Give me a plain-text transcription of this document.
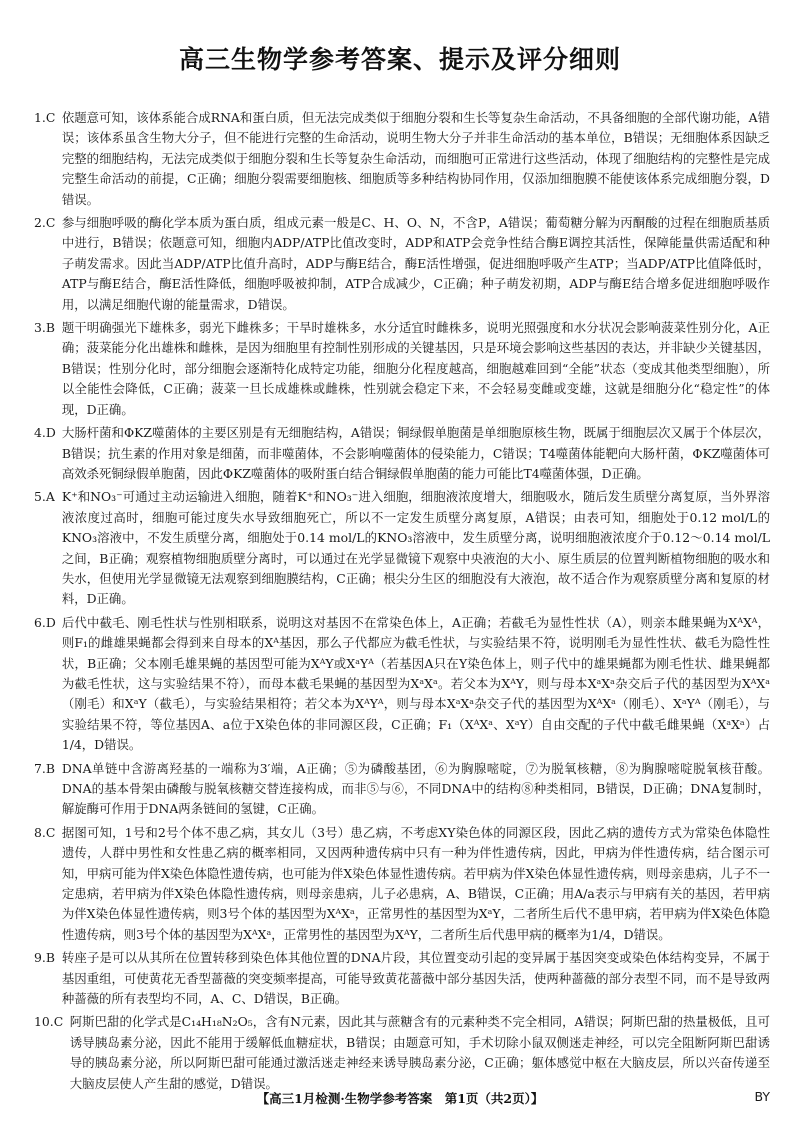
高三生物学参考答案、提示及评分细则
1. C 依题意可知，该体系能合成RNA和蛋白质，但无法完成类似于细胞分裂和生长等复杂生命活动，不具备细胞的全部代谢功能，A错误；该体系虽含生物大分子，但不能进行完整的生命活动，说明生物大分子并非生命活动的基本单位，B错误；无细胞体系因缺乏完整的细胞结构，无法完成类似于细胞分裂和生长等复杂生命活动，而细胞可正常进行这些活动，体现了细胞结构的完整性是完成完整生命活动的前提，C正确；细胞分裂需要细胞核、细胞质等多种结构协同作用，仅添加细胞膜不能使该体系完成细胞分裂，D错误。
2. C 参与细胞呼吸的酶化学本质为蛋白质，组成元素一般是C、H、O、N，不含P，A错误；葡萄糖分解为丙酮酸的过程在细胞质基质中进行，B错误；依题意可知，细胞内ADP/ATP比值改变时，ADP和ATP会竞争性结合酶E调控其活性，保障能量供需适配和种子萌发需求。因此当ADP/ATP比值升高时，ADP与酶E结合，酶E活性增强，促进细胞呼吸产生ATP；当ADP/ATP比值降低时，ATP与酶E结合，酶E活性降低，细胞呼吸被抑制，ATP合成减少，C正确；种子萌发初期，ADP与酶E结合增多促进细胞呼吸作用，以满足细胞代谢的能量需求，D错误。
3. B 题干明确强光下雄株多，弱光下雌株多；干旱时雄株多，水分适宜时雌株多，说明光照强度和水分状况会影响菠菜性别分化，A正确；菠菜能分化出雄株和雌株，是因为细胞里有控制性别形成的关键基因，只是环境会影响这些基因的表达，并非缺少关键基因，B错误；性别分化时，部分细胞会逐渐特化成特定功能，细胞分化程度越高，细胞越难回到“全能”状态（变成其他类型细胞），所以全能性会降低，C正确；菠菜一旦长成雄株或雌株，性别就会稳定下来，不会轻易变雌或变雄，这就是细胞分化“稳定性”的体现，D正确。
4. D 大肠杆菌和ΦKZ噬菌体的主要区别是有无细胞结构，A错误；铜绿假单胞菌是单细胞原核生物，既属于细胞层次又属于个体层次，B错误；抗生素的作用对象是细菌，而非噬菌体，不会影响噬菌体的侵染能力，C错误；T4噬菌体能靶向大肠杆菌，ΦKZ噬菌体可高效杀死铜绿假单胞菌，因此ΦKZ噬菌体的吸附蛋白结合铜绿假单胞菌的能力可能比T4噬菌体强，D正确。
5. A K⁺和NO₃⁻可通过主动运输进入细胞，随着K⁺和NO₃⁻进入细胞，细胞液浓度增大，细胞吸水，随后发生质壁分离复原，当外界溶液浓度过高时，细胞可能过度失水导致细胞死亡，所以不一定发生质壁分离复原，A错误；由表可知，细胞处于0.12 mol/L的KNO₃溶液中，不发生质壁分离，细胞处于0.14 mol/L的KNO₃溶液中，发生质壁分离，说明细胞液浓度介于0.12～0.14 mol/L之间，B正确；观察植物细胞质壁分离时，可以通过在光学显微镜下观察中央液泡的大小、原生质层的位置判断植物细胞的吸水和失水，但使用光学显微镜无法观察到细胞膜结构，C正确；根尖分生区的细胞没有大液泡，故不适合作为观察质壁分离和复原的材料，D正确。
6. D 后代中截毛、刚毛性状与性别相联系，说明这对基因不在常染色体上，A正确；若截毛为显性性状（A），则亲本雌果蝇为XᴬXᴬ，则F₁的雌雄果蝇都会得到来自母本的Xᴬ基因，那么子代都应为截毛性状，与实验结果不符，说明刚毛为显性性状、截毛为隐性性状，B正确；父本刚毛雄果蝇的基因型可能为XᴬY或XᵃYᴬ（若基因A只在Y染色体上，则子代中的雄果蝇都为刚毛性状、雌果蝇都为截毛性状，这与实验结果不符），而母本截毛果蝇的基因型为XᵃXᵃ。若父本为XᴬY，则与母本XᵃXᵃ杂交后子代的基因型为XᴬXᵃ（刚毛）和XᵃY（截毛），与实验结果相符；若父本为XᴬYᴬ，则与母本XᵃXᵃ杂交子代的基因型为XᴬXᵃ（刚毛）、XᵃYᴬ（刚毛），与实验结果不符，等位基因A、a位于X染色体的非同源区段，C正确；F₁（XᴬXᵃ、XᵃY）自由交配的子代中截毛雌果蝇（XᵃXᵃ）占1/4，D错误。
7. B DNA单链中含游离羟基的一端称为3′端，A正确；⑤为磷酸基团，⑥为胸腺嘧啶，⑦为脱氧核糖，⑧为胸腺嘧啶脱氧核苷酸。DNA的基本骨架由磷酸与脱氧核糖交替连接构成，而非⑤与⑥，不同DNA中的结构⑧种类相同，B错误，D正确；DNA复制时，解旋酶可作用于DNA两条链间的氢键，C正确。
8. C 据图可知，1号和2号个体不患乙病，其女儿（3号）患乙病，不考虑XY染色体的同源区段，因此乙病的遗传方式为常染色体隐性遗传，人群中男性和女性患乙病的概率相同，又因两种遗传病中只有一种为伴性遗传病，因此，甲病为伴性遗传病，结合图示可知，甲病可能为伴X染色体隐性遗传病，也可能为伴X染色体显性遗传病。若甲病为伴X染色体显性遗传病，则母亲患病，儿子不一定患病，若甲病为伴X染色体隐性遗传病，则母亲患病，儿子必患病，A、B错误，C正确；用A/a表示与甲病有关的基因，若甲病为伴X染色体显性遗传病，则3号个体的基因型为XᴬXᵃ，正常男性的基因型为XᵃY，二者所生后代不患甲病，若甲病为伴X染色体隐性遗传病，则3号个体的基因型为XᴬXᵃ，正常男性的基因型为XᴬY，二者所生后代患甲病的概率为1/4，D错误。
9. B 转座子是可以从其所在位置转移到染色体其他位置的DNA片段，其位置变动引起的变异属于基因突变或染色体结构变异，不属于基因重组，可使黄花无香型蔷薇的突变频率提高，可能导致黄花蔷薇中部分基因失活，使两种蔷薇的部分表型不同，而不是导致两种蔷薇的所有表型均不同，A、C、D错误，B正确。
10. C 阿斯巴甜的化学式是C₁₄H₁₈N₂O₅，含有N元素，因此其与蔗糖含有的元素种类不完全相同，A错误；阿斯巴甜的热量极低，且可诱导胰岛素分泌，因此不能用于缓解低血糖症状，B错误；由题意可知，手术切除小鼠双侧迷走神经，可以完全阻断阿斯巴甜诱导的胰岛素分泌，所以阿斯巴甜可能通过激活迷走神经来诱导胰岛素分泌，C正确；躯体感觉中枢在大脑皮层，所以兴奋传递至大脑皮层使人产生甜的感觉，D错误。
【高三1月检测·生物学参考答案　第1页（共2页）】	BY
